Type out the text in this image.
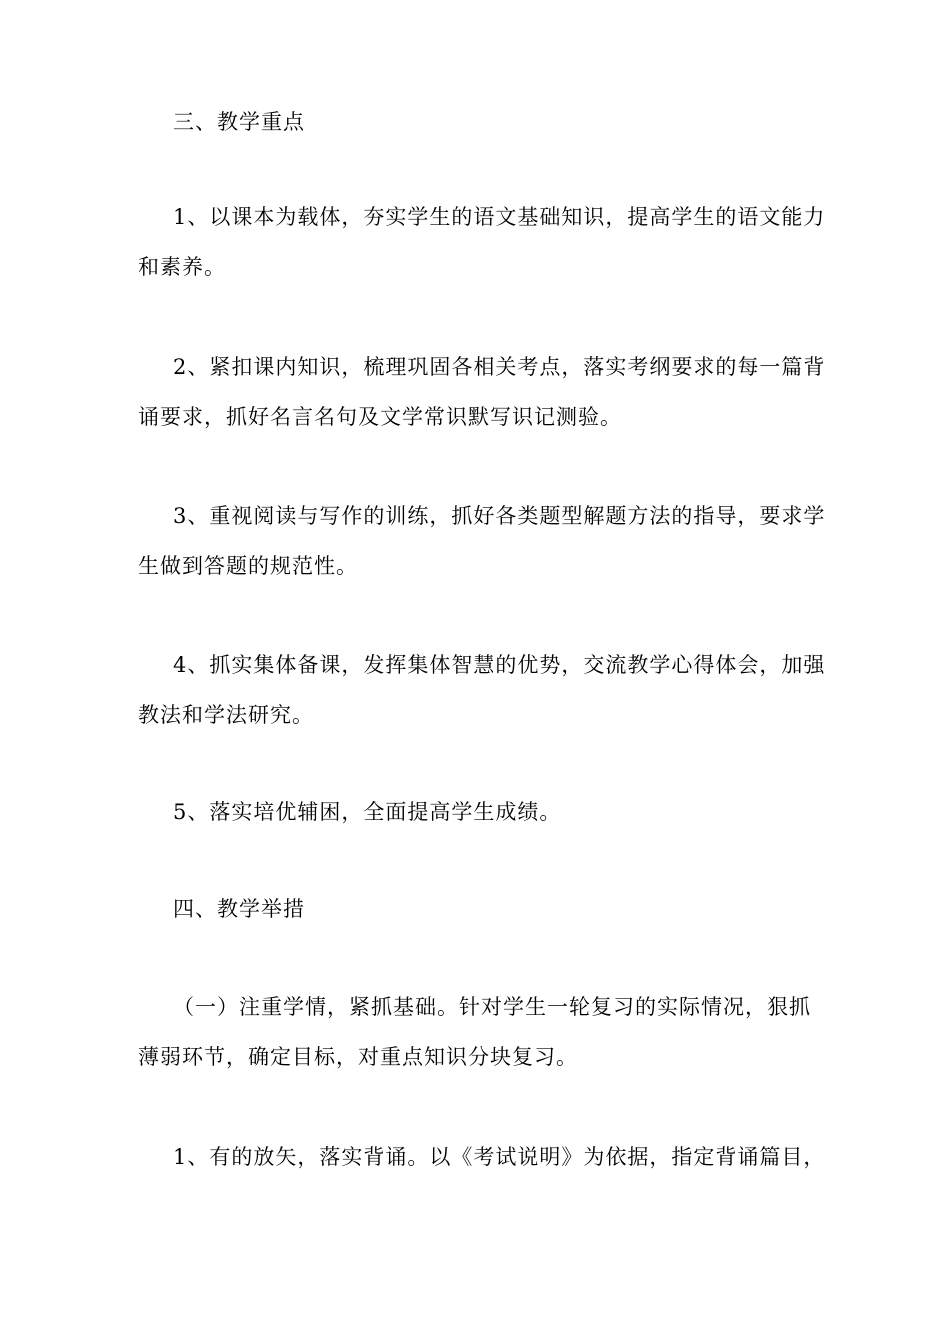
三、教学重点

1、以课本为载体，夯实学生的语文基础知识，提高学生的语文能力和素养。

2、紧扣课内知识，梳理巩固各相关考点，落实考纲要求的每一篇背诵要求，抓好名言名句及文学常识默写识记测验。

3、重视阅读与写作的训练，抓好各类题型解题方法的指导，要求学生做到答题的规范性。

4、抓实集体备课，发挥集体智慧的优势，交流教学心得体会，加强教法和学法研究。

5、落实培优辅困，全面提高学生成绩。

四、教学举措

（一）注重学情，紧抓基础。针对学生一轮复习的实际情况，狠抓薄弱环节，确定目标，对重点知识分块复习。

1、有的放矢，落实背诵。以《考试说明》为依据，指定背诵篇目，
